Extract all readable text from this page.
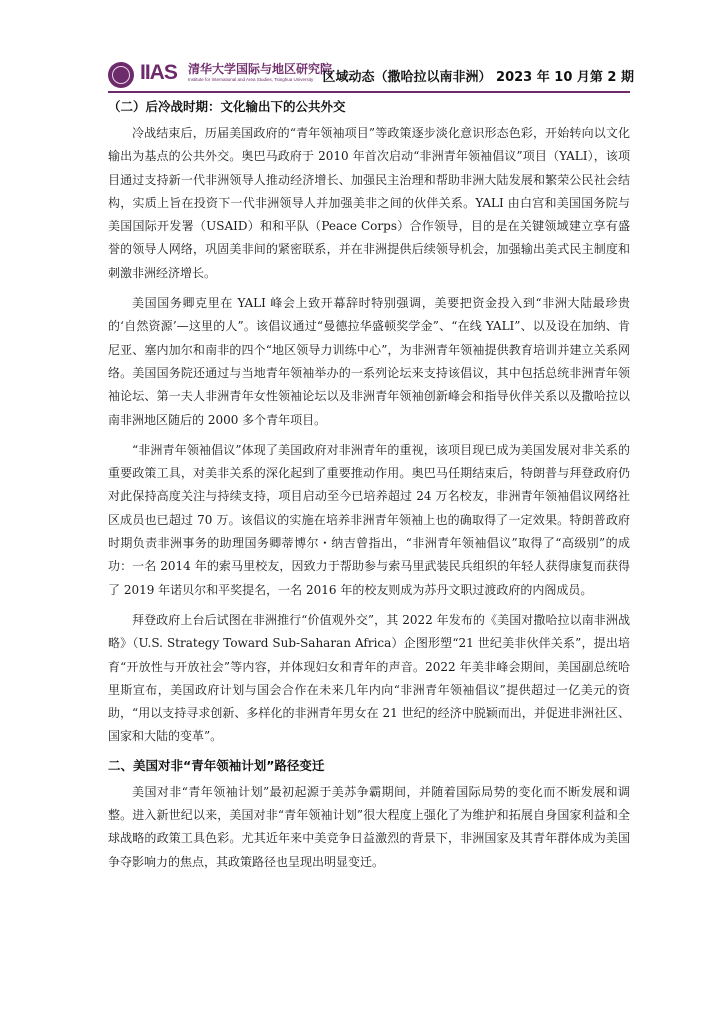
IIAS 清华大学国际与地区研究院
Institute for International and Area Studies, Tsinghua University 区域动态（撒哈拉以南非洲） 2023 年 10 月第 2 期
（二）后冷战时期：文化输出下的公共外交

冷战结束后，历届美国政府的“青年领袖项目”等政策逐步淡化意识形态色彩，开始转向以文化输出为基点的公共外交。奥巴马政府于 2010 年首次启动“非洲青年领袖倡议”项目（YALI），该项目通过支持新一代非洲领导人推动经济增长、加强民主治理和帮助非洲大陆发展和繁荣公民社会结构，实质上旨在投资下一代非洲领导人并加强美非之间的伙伴关系。YALI 由白宫和美国国务院与美国国际开发署（USAID）和和平队（Peace Corps）合作领导，目的是在关键领域建立享有盛誉的领导人网络，巩固美非间的紧密联系，并在非洲提供后续领导机会，加强输出美式民主制度和刺激非洲经济增长。

美国国务卿克里在 YALI 峰会上致开幕辞时特别强调，美要把资金投入到“非洲大陆最珍贵的‘自然资源’—这里的人”。该倡议通过“曼德拉华盛顿奖学金”、“在线 YALI”、以及设在加纳、肯尼亚、塞内加尔和南非的四个“地区领导力训练中心”，为非洲青年领袖提供教育培训并建立关系网络。美国国务院还通过与当地青年领袖举办的一系列论坛来支持该倡议，其中包括总统非洲青年领袖论坛、第一夫人非洲青年女性领袖论坛以及非洲青年领袖创新峰会和指导伙伴关系以及撒哈拉以南非洲地区随后的 2000 多个青年项目。

“非洲青年领袖倡议”体现了美国政府对非洲青年的重视，该项目现已成为美国发展对非关系的重要政策工具，对美非关系的深化起到了重要推动作用。奥巴马任期结束后，特朗普与拜登政府仍对此保持高度关注与持续支持，项目启动至今已培养超过 24 万名校友，非洲青年领袖倡议网络社区成员也已超过 70 万。该倡议的实施在培养非洲青年领袖上也的确取得了一定效果。特朗普政府时期负责非洲事务的助理国务卿蒂博尔・纳吉曾指出，“非洲青年领袖倡议”取得了“高级别”的成功：一名 2014 年的索马里校友，因致力于帮助参与索马里武装民兵组织的年轻人获得康复而获得了 2019 年诺贝尔和平奖提名，一名 2016 年的校友则成为苏丹文职过渡政府的内阁成员。

拜登政府上台后试图在非洲推行“价值观外交”，其 2022 年发布的《美国对撒哈拉以南非洲战略》（U.S. Strategy Toward Sub-Saharan Africa）企图形塑“21 世纪美非伙伴关系”，提出培育“开放性与开放社会”等内容，并体现妇女和青年的声音。2022 年美非峰会期间，美国副总统哈里斯宣布，美国政府计划与国会合作在未来几年内向“非洲青年领袖倡议”提供超过一亿美元的资助，“用以支持寻求创新、多样化的非洲青年男女在 21 世纪的经济中脱颖而出，并促进非洲社区、国家和大陆的变革”。

二、美国对非“青年领袖计划”路径变迁

美国对非“青年领袖计划”最初起源于美苏争霸期间，并随着国际局势的变化而不断发展和调整。进入新世纪以来，美国对非“青年领袖计划”很大程度上强化了为维护和拓展自身国家利益和全球战略的政策工具色彩。尤其近年来中美竞争日益激烈的背景下，非洲国家及其青年群体成为美国争夺影响力的焦点，其政策路径也呈现出明显变迁。
